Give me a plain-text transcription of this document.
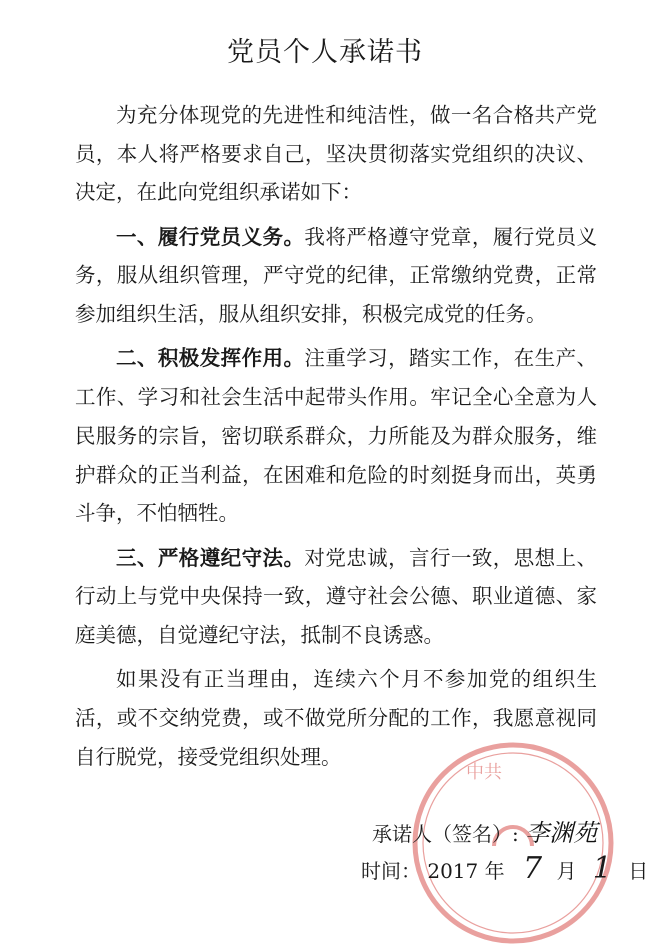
党员个人承诺书

为充分体现党的先进性和纯洁性，做一名合格共产党员，本人将严格要求自己，坚决贯彻落实党组织的决议、决定，在此向党组织承诺如下：

一、履行党员义务。我将严格遵守党章，履行党员义务，服从组织管理，严守党的纪律，正常缴纳党费，正常参加组织生活，服从组织安排，积极完成党的任务。

二、积极发挥作用。注重学习，踏实工作，在生产、工作、学习和社会生活中起带头作用。牢记全心全意为人民服务的宗旨，密切联系群众，力所能及为群众服务，维护群众的正当利益，在困难和危险的时刻挺身而出，英勇斗争，不怕牺牲。

三、严格遵纪守法。对党忠诚，言行一致，思想上、行动上与党中央保持一致，遵守社会公德、职业道德、家庭美德，自觉遵纪守法，抵制不良诱惑。

如果没有正当理由，连续六个月不参加党的组织生活，或不交纳党费，或不做党所分配的工作，我愿意视同自行脱党，接受党组织处理。

中共
承诺人（签名）: 李渊苑
时间： 2017 年 7 月 1 日
